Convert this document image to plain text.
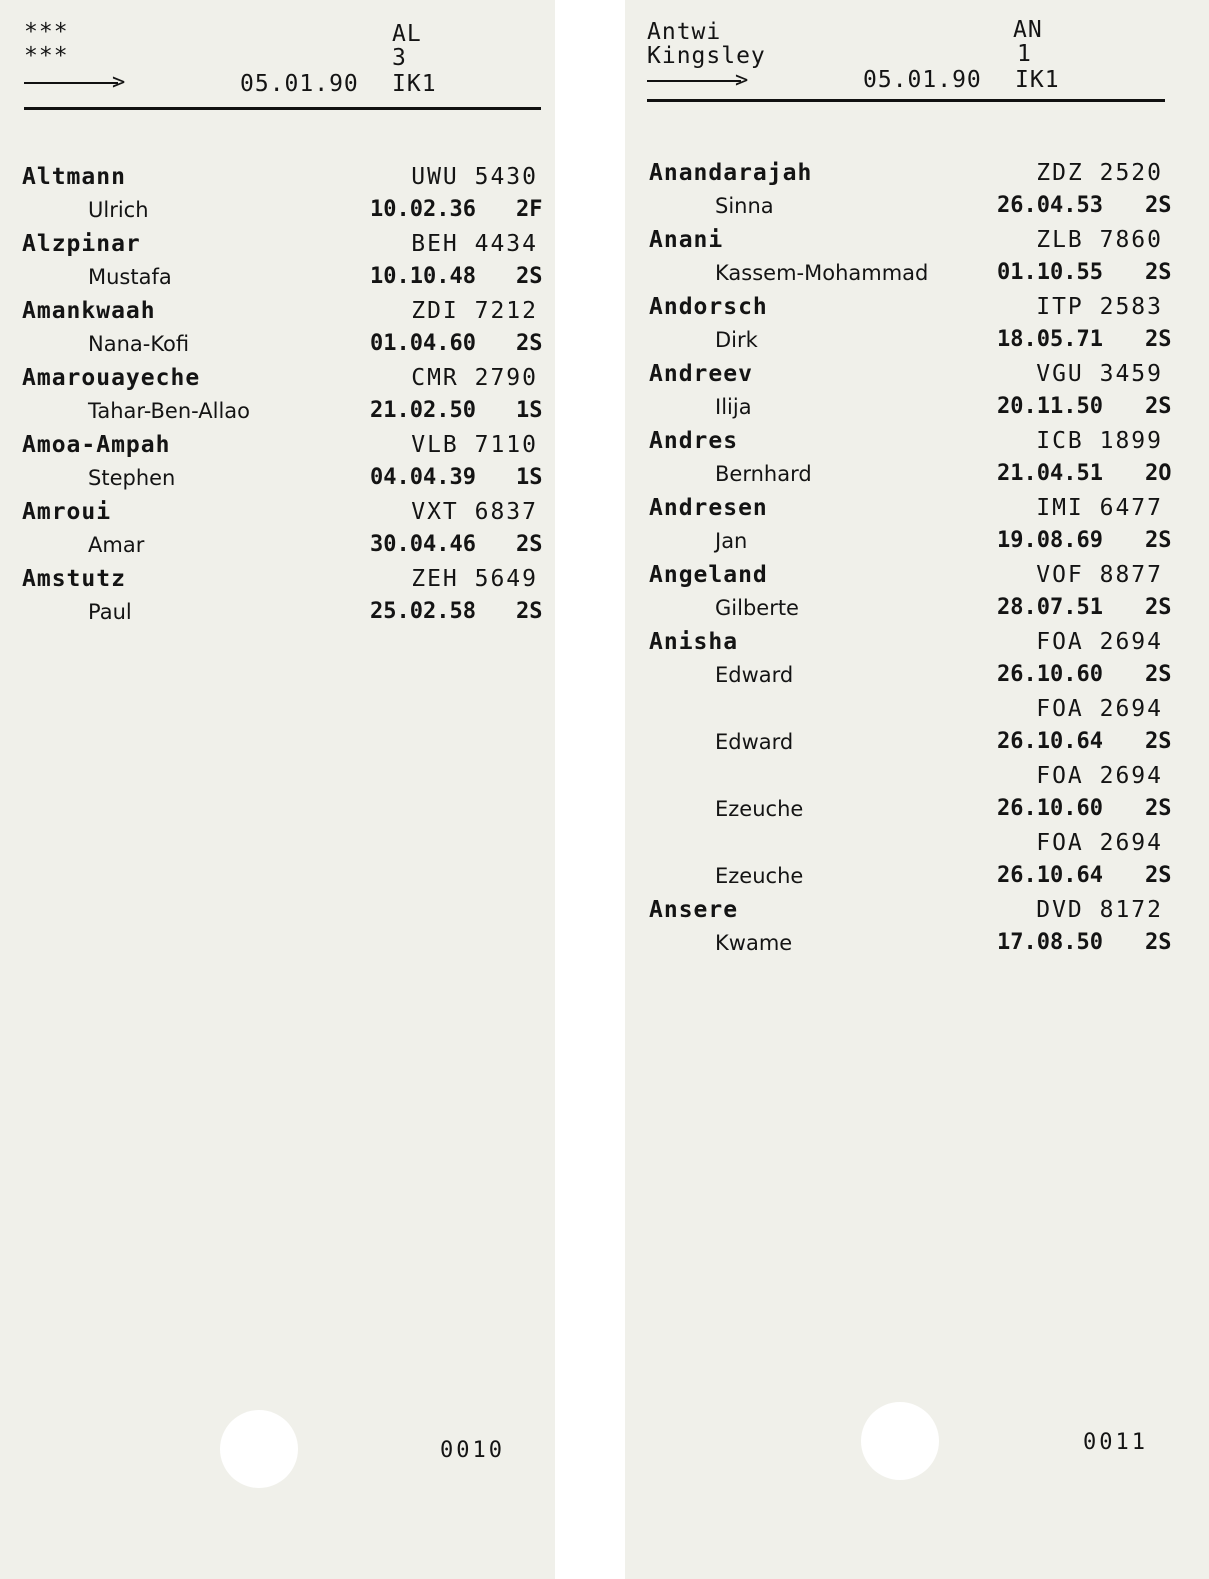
***
***
AL
3
>	05.01.90 IK1
Altmann	UWU 5430
Ulrich	10.02.36 2F
Alzpinar	BEH 4434
Mustafa	10.10.48 2S
Amankwaah	ZDI 7212
Nana-Kofi	01.04.60 2S
Amarouayeche	CMR 2790
Tahar-Ben-Allao	21.02.50 1S
Amoa-Ampah	VLB 7110
Stephen	04.04.39 1S
Amroui	VXT 6837
Amar	30.04.46 2S
Amstutz	ZEH 5649
Paul	25.02.58 2S
0010
Antwi
Kingsley
AN
1
>	05.01.90 IK1
Anandarajah	ZDZ 2520
Sinna	26.04.53 2S
Anani	ZLB 7860
Kassem-Mohammad	01.10.55 2S
Andorsch	ITP 2583
Dirk	18.05.71 2S
Andreev	VGU 3459
Ilija	20.11.50 2S
Andres	ICB 1899
Bernhard	21.04.51 2O
Andresen	IMI 6477
Jan	19.08.69 2S
Angeland	VOF 8877
Gilberte	28.07.51 2S
Anisha	FOA 2694
Edward	26.10.60 2S
FOA 2694
Edward	26.10.64 2S
FOA 2694
Ezeuche	26.10.60 2S
FOA 2694
Ezeuche	26.10.64 2S
Ansere	DVD 8172
Kwame	17.08.50 2S
0011
